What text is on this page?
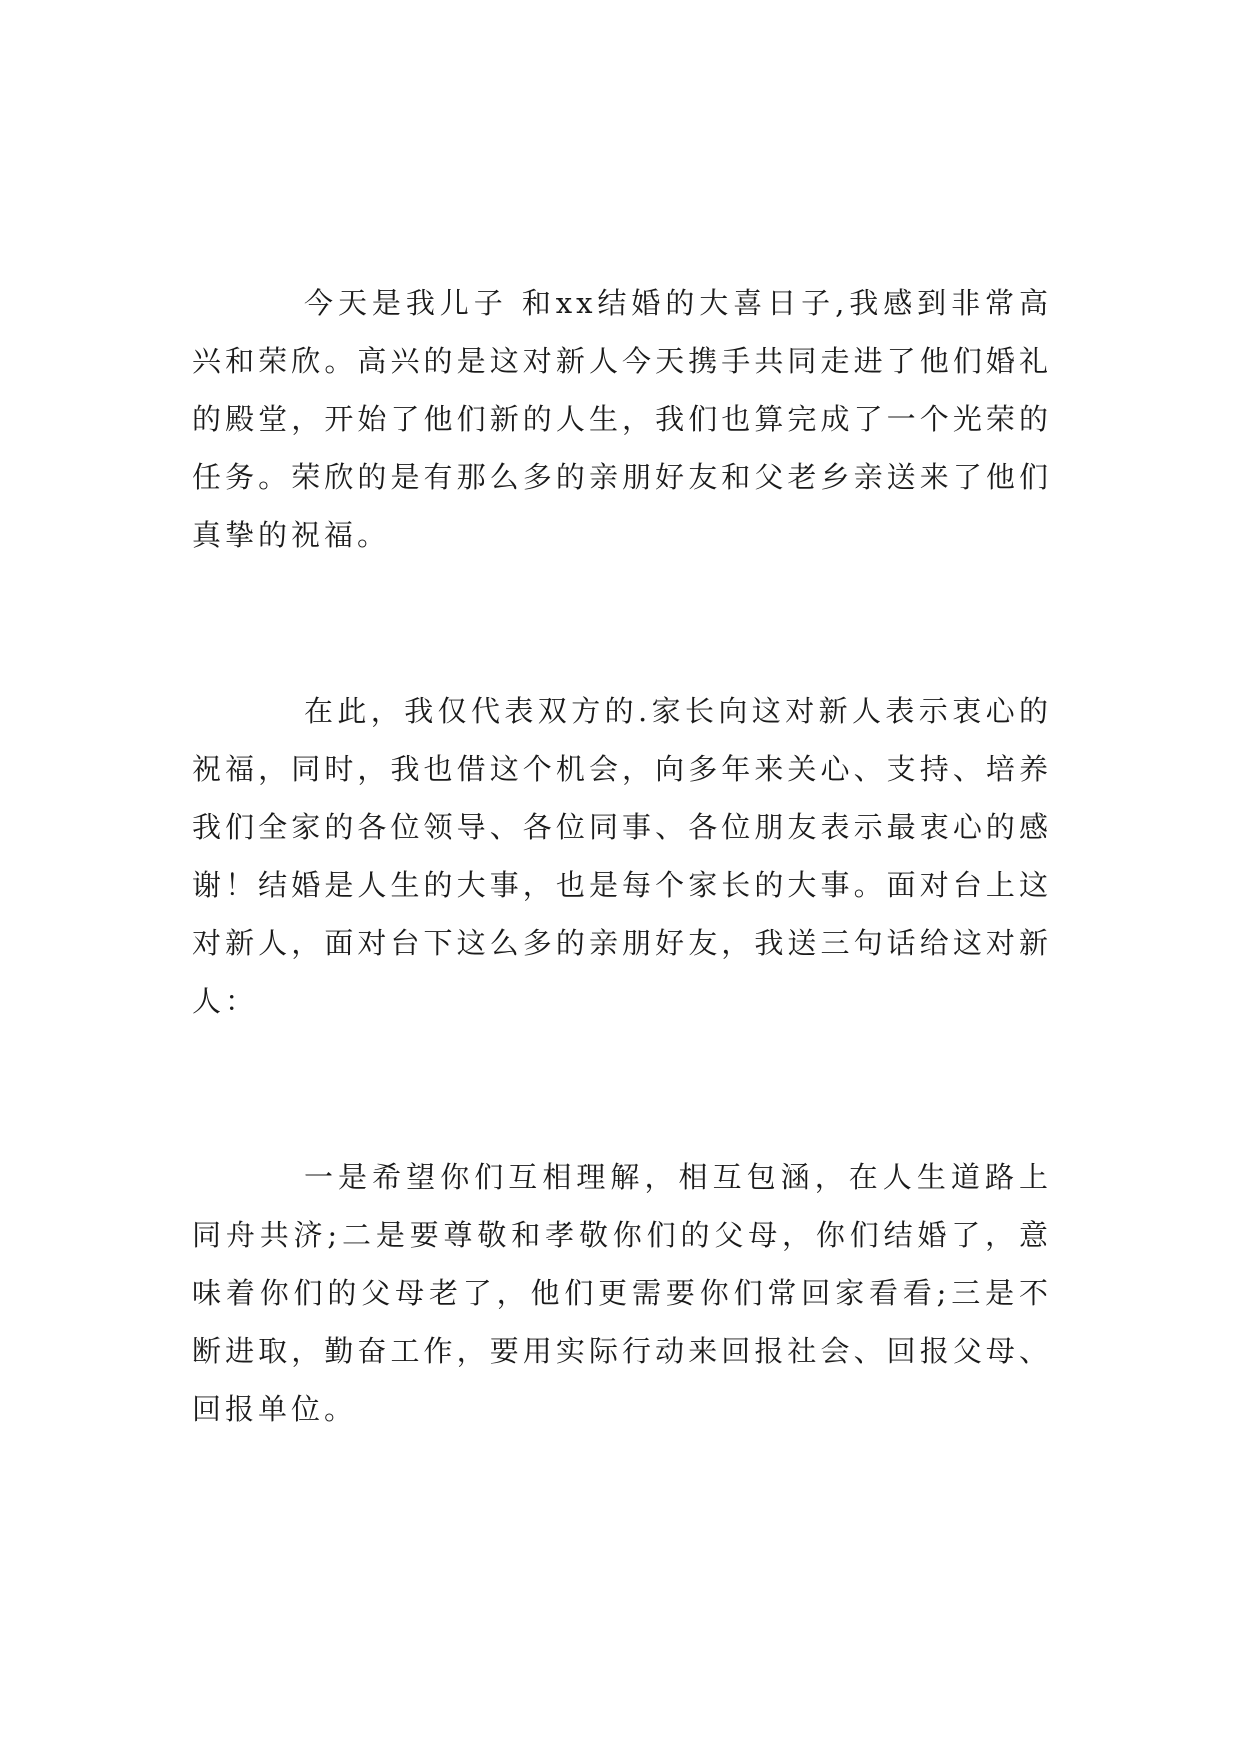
今天是我儿子 和xx结婚的大喜日子,我感到非常高兴和荣欣。高兴的是这对新人今天携手共同走进了他们婚礼的殿堂，开始了他们新的人生，我们也算完成了一个光荣的任务。荣欣的是有那么多的亲朋好友和父老乡亲送来了他们真挚的祝福。

在此，我仅代表双方的.家长向这对新人表示衷心的祝福，同时，我也借这个机会，向多年来关心、支持、培养我们全家的各位领导、各位同事、各位朋友表示最衷心的感谢！结婚是人生的大事，也是每个家长的大事。面对台上这对新人，面对台下这么多的亲朋好友，我送三句话给这对新人：

一是希望你们互相理解，相互包涵，在人生道路上同舟共济;二是要尊敬和孝敬你们的父母，你们结婚了，意味着你们的父母老了，他们更需要你们常回家看看;三是不断进取，勤奋工作，要用实际行动来回报社会、回报父母、回报单位。
